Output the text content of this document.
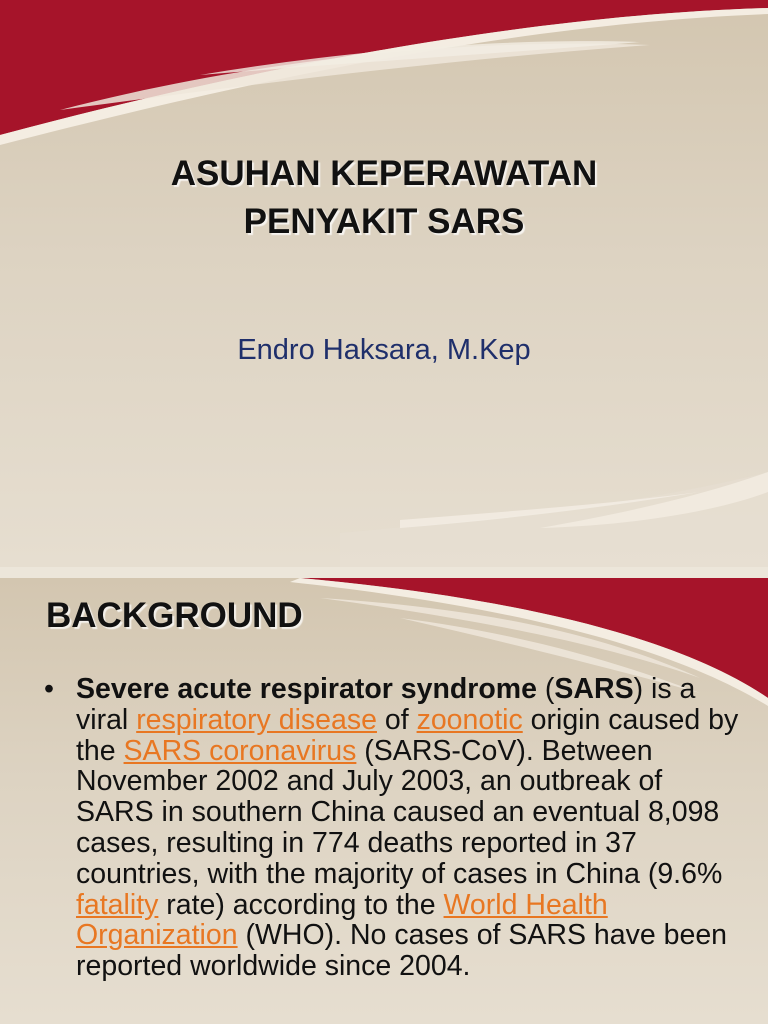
ASUHAN KEPERAWATAN
PENYAKIT SARS
Endro Haksara, M.Kep
BACKGROUND
• Severe acute respirator syndrome (SARS) is a viral respiratory disease of zoonotic origin caused by the SARS coronavirus (SARS-CoV). Between November 2002 and July 2003, an outbreak of SARS in southern China caused an eventual 8,098 cases, resulting in 774 deaths reported in 37 countries, with the majority of cases in China (9.6% fatality rate) according to the World Health Organization (WHO). No cases of SARS have been reported worldwide since 2004.
